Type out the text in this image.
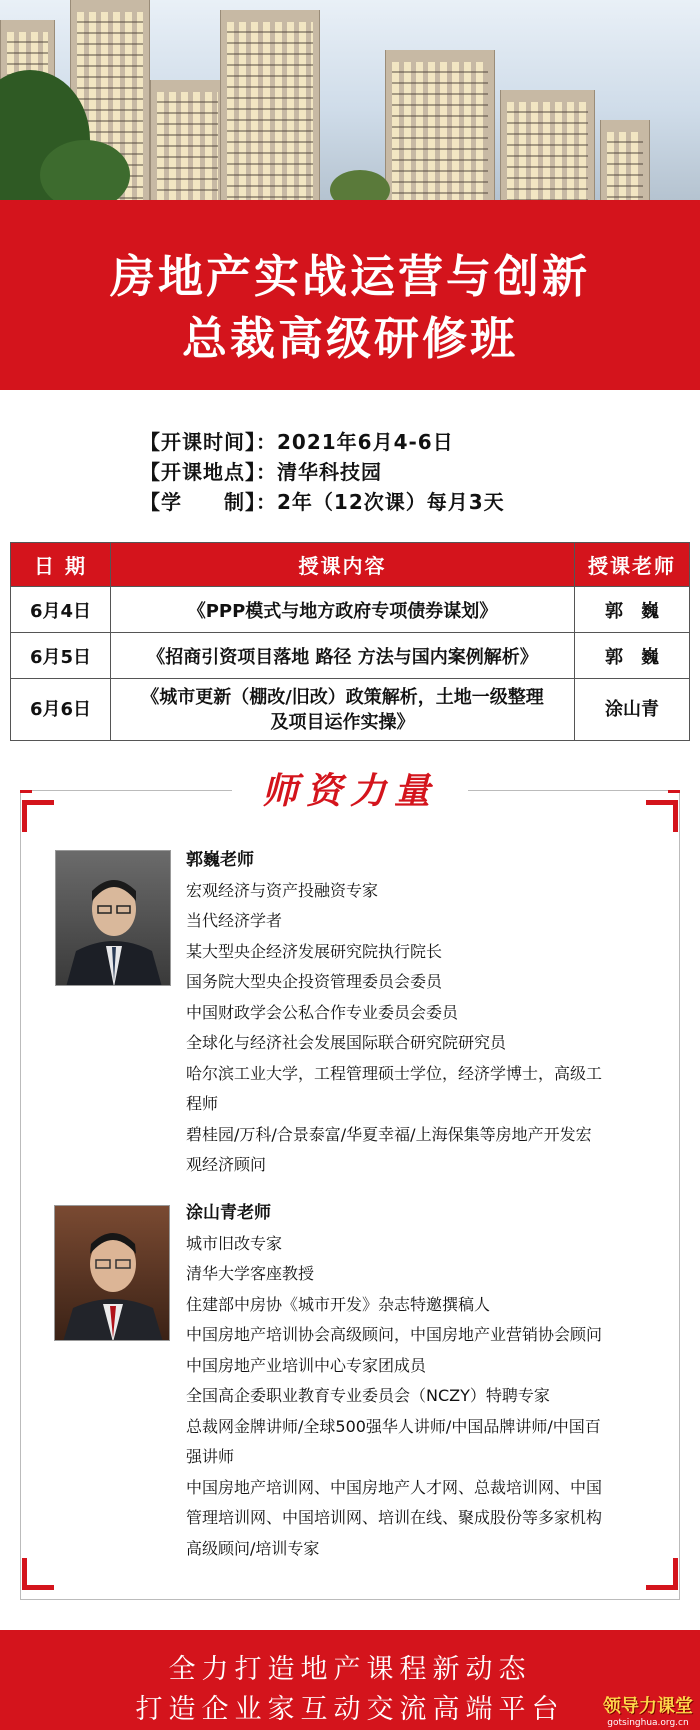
房地产实战运营与创新
总裁高级研修班
【开课时间】：2021年6月4-6日
【开课地点】：清华科技园
【学　　制】：2年（12次课）每月3天
日 期	授课内容	授课老师
6月4日	《PPP模式与地方政府专项债券谋划》	郭　巍
6月5日	《招商引资项目落地 路径 方法与国内案例解析》	郭　巍
6月6日	《城市更新（棚改/旧改）政策解析，土地一级整理
及项目运作实操》	涂山青
师资力量
郭巍老师
宏观经济与资产投融资专家
当代经济学者
某大型央企经济发展研究院执行院长
国务院大型央企投资管理委员会委员
中国财政学会公私合作专业委员会委员
全球化与经济社会发展国际联合研究院研究员
哈尔滨工业大学，工程管理硕士学位，经济学博士，高级工
程师
碧桂园/万科/合景泰富/华夏幸福/上海保集等房地产开发宏
观经济顾问
涂山青老师
城市旧改专家
清华大学客座教授
住建部中房协《城市开发》杂志特邀撰稿人
中国房地产培训协会高级顾问，中国房地产业营销协会顾问
中国房地产业培训中心专家团成员
全国高企委职业教育专业委员会（NCZY）特聘专家
总裁网金牌讲师/全球500强华人讲师/中国品牌讲师/中国百
强讲师
中国房地产培训网、中国房地产人才网、总裁培训网、中国
管理培训网、中国培训网、培训在线、聚成股份等多家机构
高级顾问/培训专家
全力打造地产课程新动态
打造企业家互动交流高端平台	领导力课堂
gotsinghua.org.cn
